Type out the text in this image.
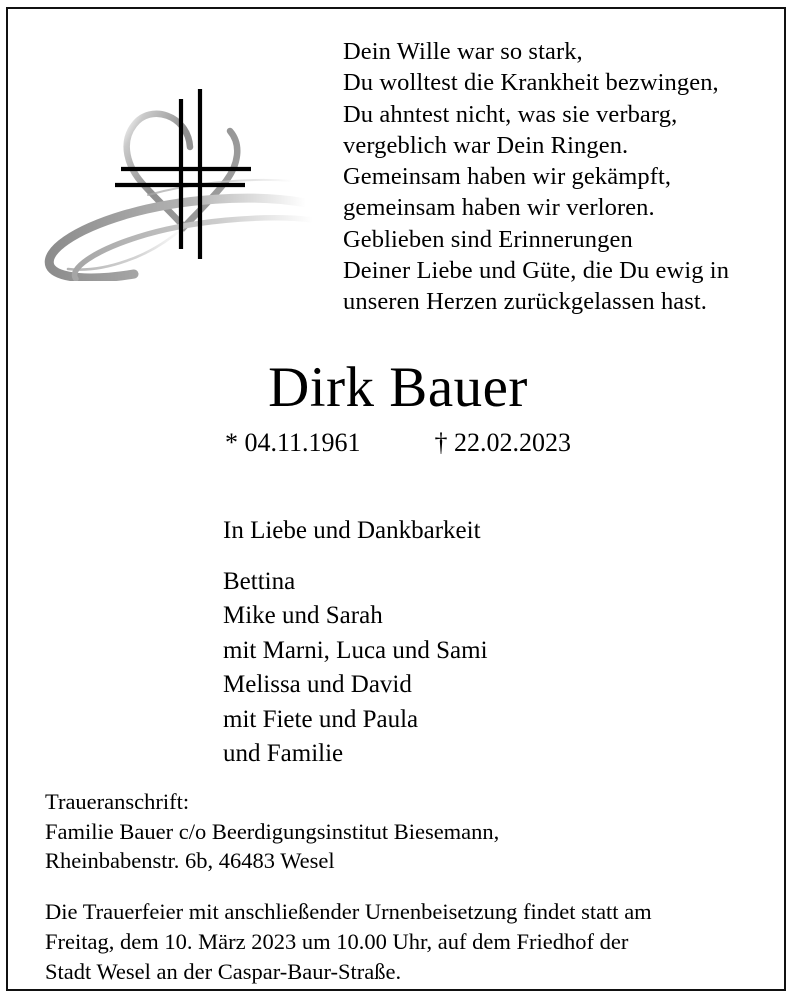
Dein Wille war so stark,
Du wolltest die Krankheit bezwingen,
Du ahntest nicht, was sie verbarg,
vergeblich war Dein Ringen.
Gemeinsam haben wir gekämpft,
gemeinsam haben wir verloren.
Geblieben sind Erinnerungen
Deiner Liebe und Güte, die Du ewig in
unseren Herzen zurückgelassen hast.
Dirk Bauer
* 04.11.1961	† 22.02.2023
In Liebe und Dankbarkeit
Bettina
Mike und Sarah
mit Marni, Luca und Sami
Melissa und David
mit Fiete und Paula
und Familie
Traueranschrift:
Familie Bauer c/o Beerdigungsinstitut Biesemann,
Rheinbabenstr. 6b, 46483 Wesel
Die Trauerfeier mit anschließender Urnenbeisetzung findet statt am
Freitag, dem 10. März 2023 um 10.00 Uhr, auf dem Friedhof der
Stadt Wesel an der Caspar-Baur-Straße.
